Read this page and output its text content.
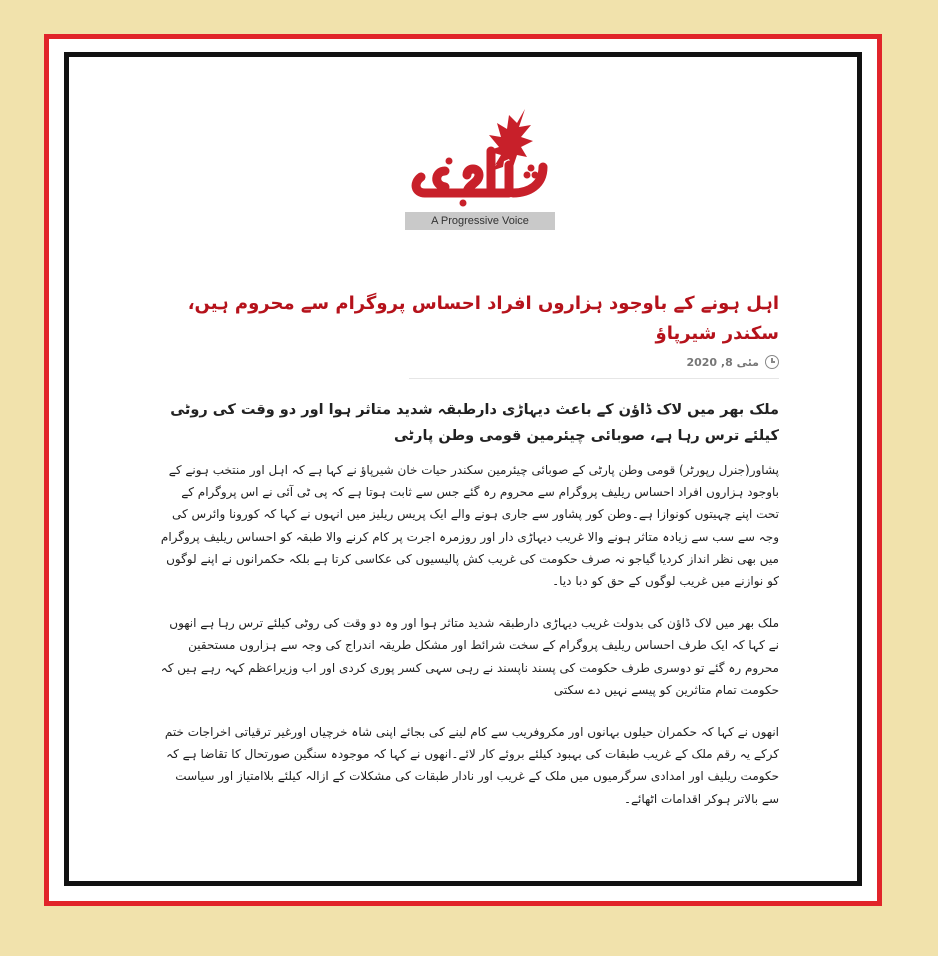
A Progressive Voice
اہل ہونے کے باوجود ہزاروں افراد احساس پروگرام سے محروم ہیں، سکندر شیرپاؤ
مئی 8, 2020
ملک بھر میں لاک ڈاؤن کے باعث دیہاڑی دارطبقہ شدید متاثر ہوا اور دو وقت کی روٹی کیلئے ترس رہا ہے، صوبائی چیئرمین قومی وطن پارٹی

پشاور(جنرل رپورٹر) قومی وطن پارٹی کے صوبائی چیئرمین سکندر حیات خان شیرپاؤ نے کہا ہے کہ اہل اور منتخب ہونے کے باوجود ہزاروں افراد احساس ریلیف پروگرام سے محروم رہ گئے جس سے ثابت ہوتا ہے کہ پی ٹی آئی نے اس پروگرام کے تحت اپنے چہیتوں کونوازا ہے۔وطن کور پشاور سے جاری ہونے والے ایک پریس ریلیز میں انہوں نے کہا کہ کورونا وائرس کی وجہ سے سب سے زیادہ متاثر ہونے والا غریب دیہاڑی دار اور روزمرہ اجرت پر کام کرنے والا طبقہ کو احساس ریلیف پروگرام میں بھی نظر انداز کردیا گیاجو نہ صرف حکومت کی غریب کش پالیسیوں کی عکاسی کرتا ہے بلکہ حکمرانوں نے اپنے لوگوں کو نوازنے میں غریب لوگوں کے حق کو دبا دیا۔

ملک بھر میں لاک ڈاؤن کی بدولت غریب دیہاڑی دارطبقہ شدید متاثر ہوا اور وہ دو وقت کی روٹی کیلئے ترس رہا ہے انھوں نے کہا کہ ایک طرف احساس ریلیف پروگرام کے سخت شرائط اور مشکل طریقہ اندراج کی وجہ سے ہزاروں مستحقین محروم رہ گئے تو دوسری طرف حکومت کی پسند ناپسند نے رہی سہی کسر پوری کردی اور اب وزیراعظم کہہ رہے ہیں کہ حکومت تمام متاثرین کو پیسے نہیں دے سکتی

انھوں نے کہا کہ حکمران حیلوں بہانوں اور مکروفریب سے کام لینے کی بجائے اپنی شاہ خرچیاں اورغیر ترقیاتی اخراجات ختم کرکے یہ رقم ملک کے غریب طبقات کی بہبود کیلئے بروئے کار لائے۔انھوں نے کہا کہ موجودہ سنگین صورتحال کا تقاضا ہے کہ حکومت ریلیف اور امدادی سرگرمیوں میں ملک کے غریب اور نادار طبقات کی مشکلات کے ازالہ کیلئے بلاامتیاز اور سیاست سے بالاتر ہوکر اقدامات اٹھائے۔
